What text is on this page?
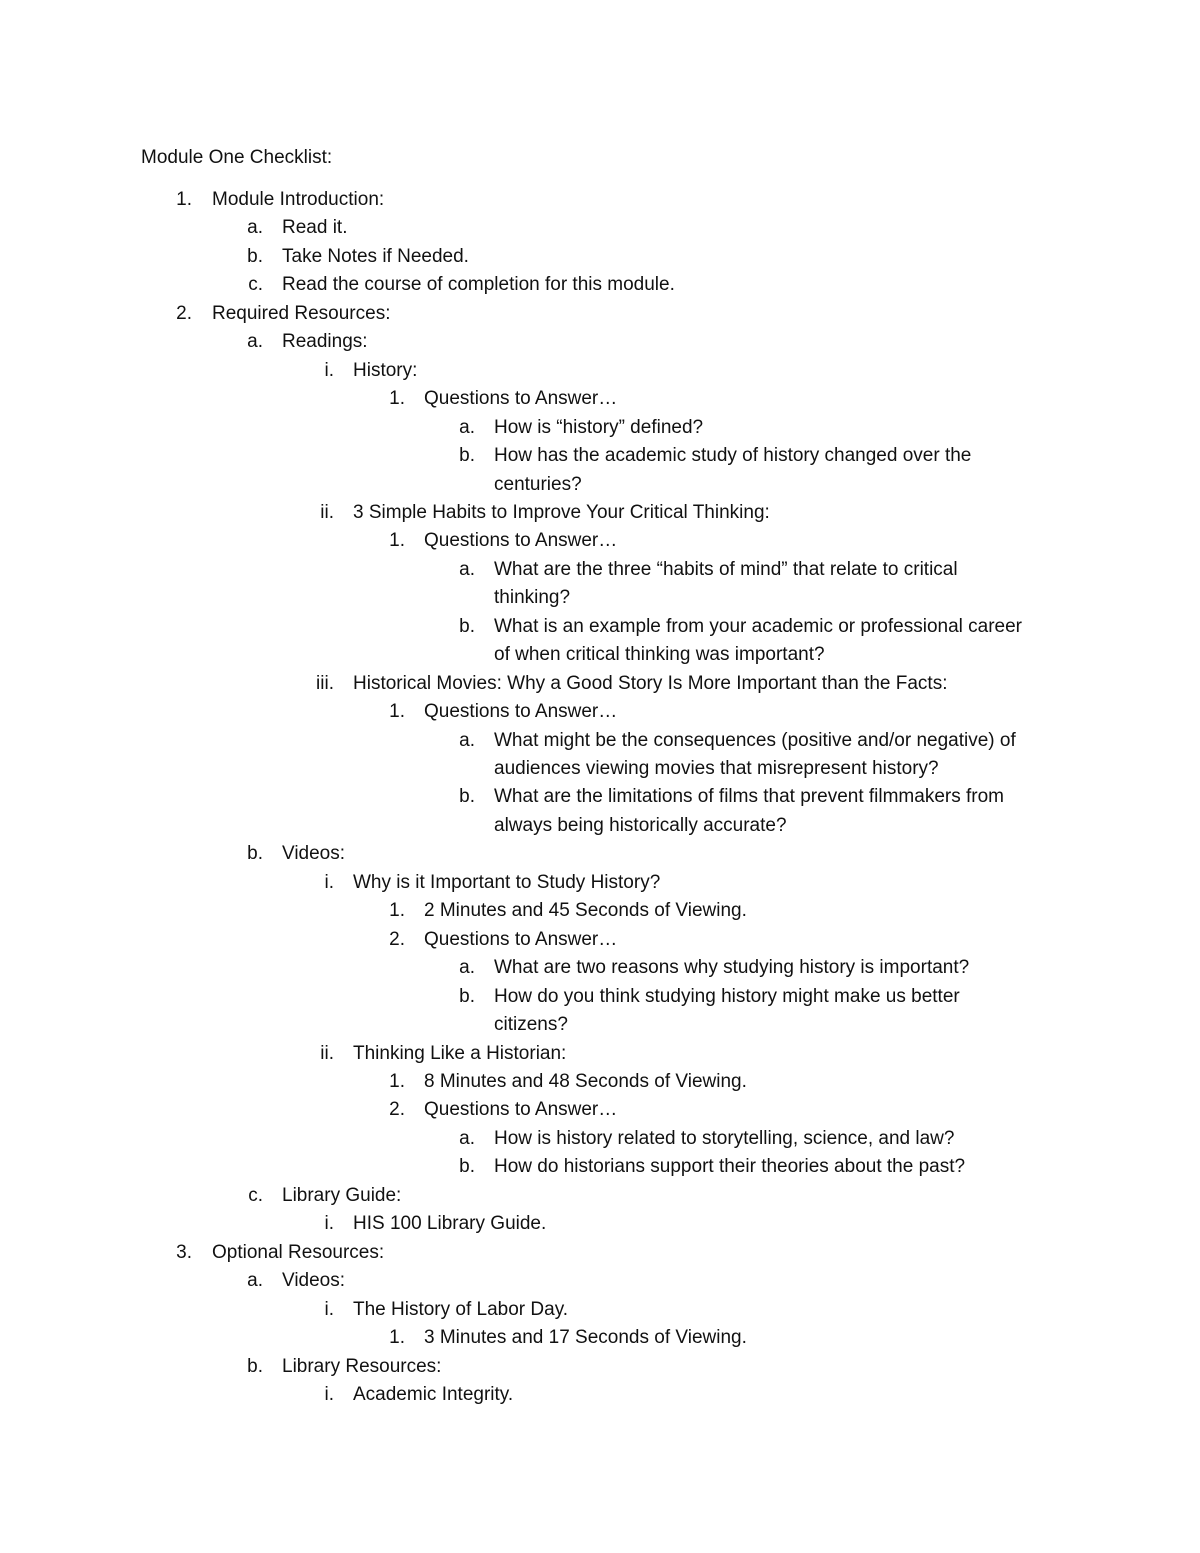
Module One Checklist:
1. Module Introduction:
a. Read it.
b. Take Notes if Needed.
c. Read the course of completion for this module.
2. Required Resources:
a. Readings:
i. History:
1. Questions to Answer…
a. How is “history” defined?
b. How has the academic study of history changed over the
centuries?
ii. 3 Simple Habits to Improve Your Critical Thinking:
1. Questions to Answer…
a. What are the three “habits of mind” that relate to critical
thinking?
b. What is an example from your academic or professional career
of when critical thinking was important?
iii. Historical Movies: Why a Good Story Is More Important than the Facts:
1. Questions to Answer…
a. What might be the consequences (positive and/or negative) of
audiences viewing movies that misrepresent history?
b. What are the limitations of films that prevent filmmakers from
always being historically accurate?
b. Videos:
i. Why is it Important to Study History?
1. 2 Minutes and 45 Seconds of Viewing.
2. Questions to Answer…
a. What are two reasons why studying history is important?
b. How do you think studying history might make us better
citizens?
ii. Thinking Like a Historian:
1. 8 Minutes and 48 Seconds of Viewing.
2. Questions to Answer…
a. How is history related to storytelling, science, and law?
b. How do historians support their theories about the past?
c. Library Guide:
i. HIS 100 Library Guide.
3. Optional Resources:
a. Videos:
i. The History of Labor Day.
1. 3 Minutes and 17 Seconds of Viewing.
b. Library Resources:
i. Academic Integrity.
